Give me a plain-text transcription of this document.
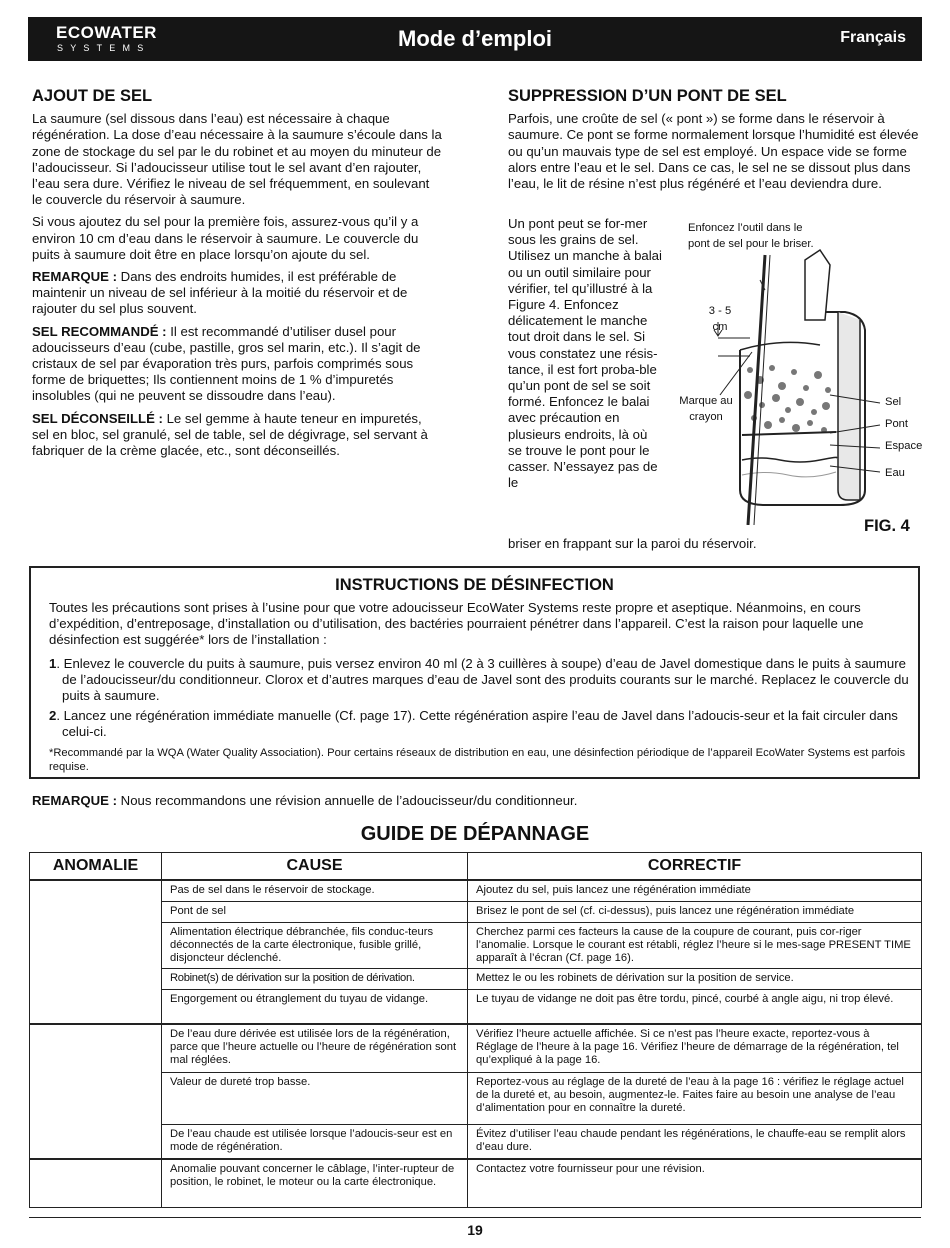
ECOWATER
SYSTEMS	Mode d’emploi	Français
AJOUT DE SEL

La saumure (sel dissous dans l’eau) est nécessaire à chaque régénération. La dose d’eau nécessaire à la saumure s’écoule dans la zone de stockage du sel par le du robinet et au moyen du minuteur de l’adoucisseur. Si l’adoucisseur utilise tout le sel avant d’en rajouter, l’eau sera dure. Vérifiez le niveau de sel fréquemment, en soulevant le couvercle du réservoir à saumure.

Si vous ajoutez du sel pour la première fois, assurez-vous qu’il y a environ 10 cm d’eau dans le réservoir à saumure. Le couvercle du puits à saumure doit être en place lorsqu’on ajoute du sel.

REMARQUE : Dans des endroits humides, il est préférable de maintenir un niveau de sel inférieur à la moitié du réservoir et de rajouter du sel plus souvent.

SEL RECOMMANDÉ : Il est recommandé d’utiliser dusel pour adoucisseurs d’eau (cube, pastille, gros sel marin, etc.). Il s’agit de cristaux de sel par évaporation très purs, parfois comprimés sous forme de briquettes; Ils contiennent moins de 1 % d’impuretés insolubles (qui ne peuvent se dissoudre dans l’eau).

SEL DÉCONSEILLÉ : Le sel gemme à haute teneur en impuretés, sel en bloc, sel granulé, sel de table, sel de dégivrage, sel servant à fabriquer de la crème glacée, etc., sont déconseillés.

SUPPRESSION D’UN PONT DE SEL

Parfois, une croûte de sel (« pont ») se forme dans le réservoir à saumure. Ce pont se forme normalement lorsque l’humidité est élevée ou qu’un mauvais type de sel est employé. Un espace vide se forme alors entre l’eau et le sel. Dans ce cas, le sel ne se dissout plus dans l’eau, le lit de résine n’est plus régénéré et l’eau deviendra dure.

Un pont peut se for-mer sous les grains de sel. Utilisez un manche à balai ou un outil similaire pour vérifier, tel qu’illustré à la Figure 4. Enfoncez délicatement le manche tout droit dans le sel. Si vous constatez une résis-tance, il est fort proba-ble qu’un pont de sel se soit formé. Enfoncez le balai avec précaution en plusieurs endroits, là où se trouve le pont pour le casser. N’essayez pas de le
briser en frappant sur la paroi du réservoir.
Enfoncez l’outil dans le pont de sel pour le briser.
3 - 5 cm
Marque au crayon
Sel
Pont
Espace
Eau
FIG. 4
INSTRUCTIONS DE DÉSINFECTION
Toutes les précautions sont prises à l’usine pour que votre adoucisseur EcoWater Systems reste propre et aseptique. Néanmoins, en cours d’expédition, d’entreposage, d’installation ou d’utilisation, des bactéries pourraient pénétrer dans l’appareil. C’est la raison pour laquelle une désinfection est suggérée* lors de l’installation :
1. Enlevez le couvercle du puits à saumure, puis versez environ 40 ml (2 à 3 cuillères à soupe) d’eau de Javel domestique dans le puits à saumure de l’adoucisseur/du conditionneur. Clorox et d’autres marques d’eau de Javel sont des produits courants sur le marché. Replacez le couvercle du puits à saumure.
2. Lancez une régénération immédiate manuelle (Cf. page 17). Cette régénération aspire l’eau de Javel dans l’adoucis-seur et la fait circuler dans celui-ci.
*Recommandé par la WQA (Water Quality Association). Pour certains réseaux de distribution en eau, une désinfection périodique de l’appareil EcoWater Systems est parfois requise.
REMARQUE : Nous recommandons une révision annuelle de l’adoucisseur/du conditionneur.
GUIDE DE DÉPANNAGE
ANOMALIE	CAUSE	CORRECTIF
	Pas de sel dans le réservoir de stockage.	Ajoutez du sel, puis lancez une régénération immédiate
	Pont de sel	Brisez le pont de sel (cf. ci-dessus), puis lancez une régénération immédiate
	Alimentation électrique débranchée, fils conduc-teurs déconnectés de la carte électronique, fusible grillé, disjoncteur déclenché.	Cherchez parmi ces facteurs la cause de la coupure de courant, puis cor-riger l’anomalie. Lorsque le courant est rétabli, réglez l’heure si le mes-sage PRESENT TIME apparaît à l’écran (Cf. page 16).
	Robinet(s) de dérivation sur la position de dérivation.	Mettez le ou les robinets de dérivation sur la position de service.
	Engorgement ou étranglement du tuyau de vidange.	Le tuyau de vidange ne doit pas être tordu, pincé, courbé à angle aigu, ni trop élevé.
	De l’eau dure dérivée est utilisée lors de la régénération, parce que l’heure actuelle ou l’heure de régénération sont mal réglées.	Vérifiez l’heure actuelle affichée. Si ce n’est pas l’heure exacte, reportez-vous à Réglage de l’heure à la page 16. Vérifiez l’heure de démarrage de la régénération, tel qu’expliqué à la page 16.
	Valeur de dureté trop basse.	Reportez-vous au réglage de la dureté de l’eau à la page 16 : vérifiez le réglage actuel de la dureté et, au besoin, augmentez-le. Faites faire au besoin une analyse de l’eau d’alimentation pour en connaître la dureté.
	De l’eau chaude est utilisée lorsque l’adoucis-seur est en mode de régénération.	Évitez d’utiliser l’eau chaude pendant les régénérations, le chauffe-eau se remplit alors d’eau dure.
	Anomalie pouvant concerner le câblage, l’inter-rupteur de position, le robinet, le moteur ou la carte électronique.	Contactez votre fournisseur pour une révision.
19
